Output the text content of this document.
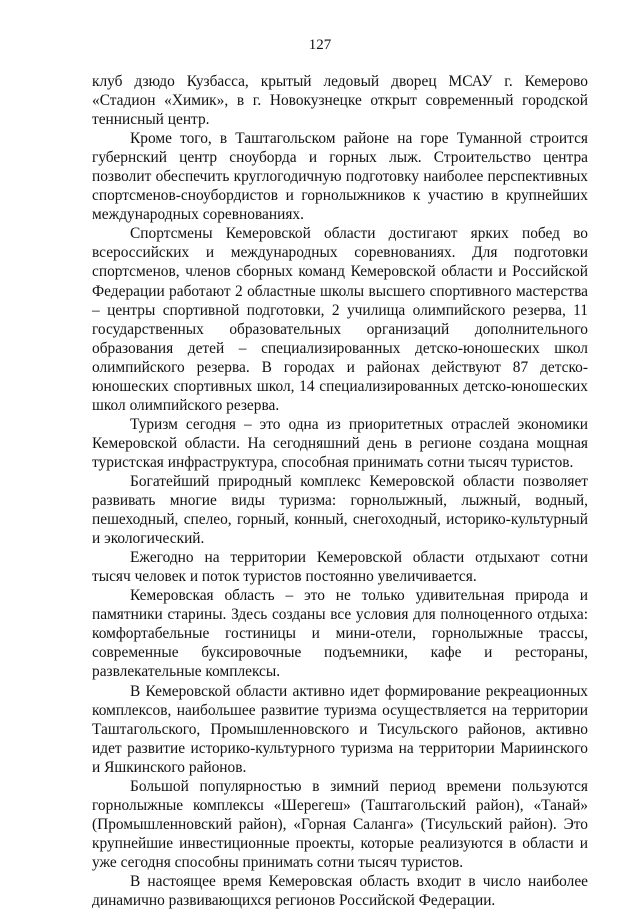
127

клуб дзюдо Кузбасса, крытый ледовый дворец МСАУ г. Кемерово «Стадион «Химик», в г. Новокузнецке открыт современный городской теннисный центр.

Кроме того, в Таштагольском районе на горе Туманной строится губернский центр сноуборда и горных лыж. Строительство центра позволит обеспечить круглогодичную подготовку наиболее перспективных спортсменов-сноубордистов и горнолыжников к участию в крупнейших международных соревнованиях.

Спортсмены Кемеровской области достигают ярких побед во всероссийских и международных соревнованиях. Для подготовки спортсменов, членов сборных команд Кемеровской области и Российской Федерации работают 2 областные школы высшего спортивного мастерства – центры спортивной подготовки, 2 училища олимпийского резерва, 11 государственных образовательных организаций дополнительного образования детей – специализированных детско-юношеских школ олимпийского резерва. В городах и районах действуют 87 детско-юношеских спортивных школ, 14 специализированных детско-юношеских школ олимпийского резерва.

Туризм сегодня – это одна из приоритетных отраслей экономики Кемеровской области. На сегодняшний день в регионе создана мощная туристская инфраструктура, способная принимать сотни тысяч туристов.

Богатейший природный комплекс Кемеровской области позволяет развивать многие виды туризма: горнолыжный, лыжный, водный, пешеходный, спелео, горный, конный, снегоходный, историко-культурный и экологический.

Ежегодно на территории Кемеровской области отдыхают сотни тысяч человек и поток туристов постоянно увеличивается.

Кемеровская область – это не только удивительная природа и памятники старины. Здесь созданы все условия для полноценного отдыха: комфортабельные гостиницы и мини-отели, горнолыжные трассы, современные буксировочные подъемники, кафе и рестораны, развлекательные комплексы.

В Кемеровской области активно идет формирование рекреационных комплексов, наибольшее развитие туризма осуществляется на территории Таштагольского, Промышленновского и Тисульского районов, активно идет развитие историко-культурного туризма на территории Мариинского и Яшкинского районов.

Большой популярностью в зимний период времени пользуются горнолыжные комплексы «Шерегеш» (Таштагольский район), «Танай» (Промышленновский район), «Горная Саланга» (Тисульский район). Это крупнейшие инвестиционные проекты, которые реализуются в области и уже сегодня способны принимать сотни тысяч туристов.

В настоящее время Кемеровская область входит в число наиболее динамично развивающихся регионов Российской Федерации.
